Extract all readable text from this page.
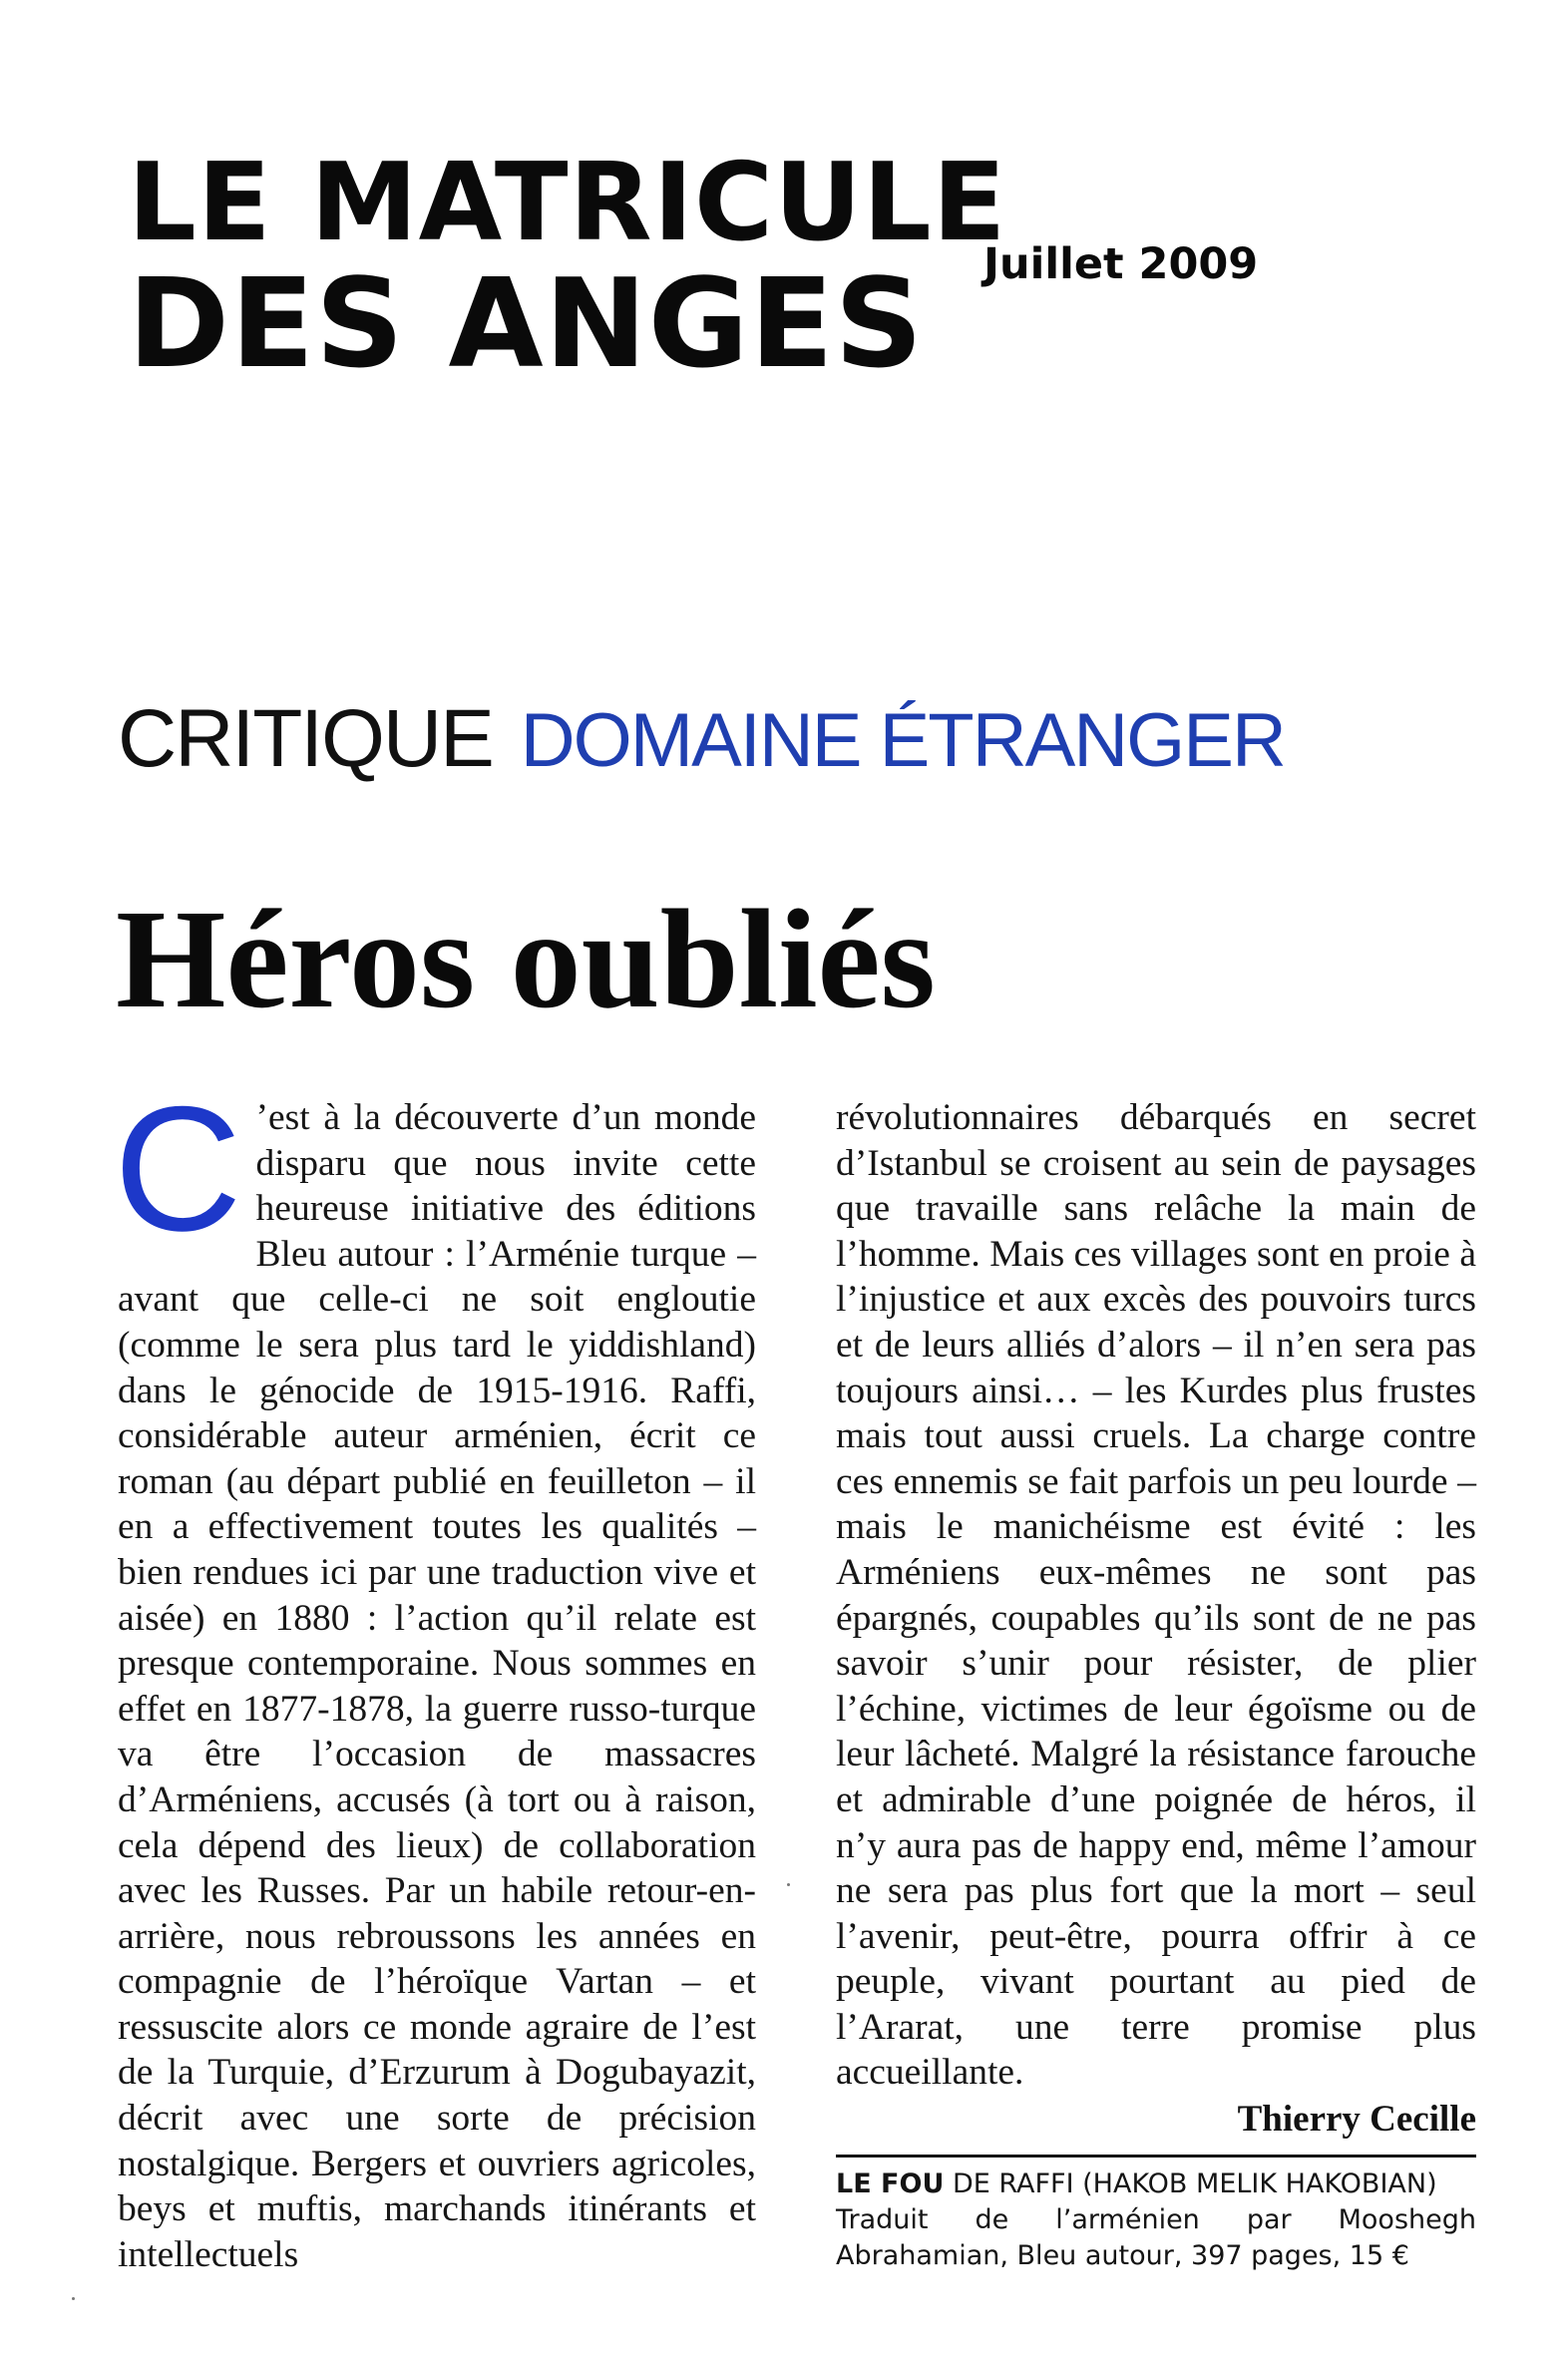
LE MATRICULE
DES ANGES	Juillet 2009
CRITIQUE DOMAINE ÉTRANGER
Héros oubliés
C ’est à la découverte d’un monde disparu que nous invite cette heureuse initiative des éditions Bleu autour : l’Arménie turque – avant que celle-ci ne soit engloutie (comme le sera plus tard le yiddishland) dans le génocide de 1915-1916. Raffi, considérable auteur arménien, écrit ce roman (au départ publié en feuilleton – il en a effectivement toutes les qualités – bien rendues ici par une traduction vive et aisée) en 1880 : l’action qu’il relate est presque contemporaine. Nous sommes en effet en 1877-1878, la guerre russo-turque va être l’occasion de massacres d’Arméniens, accusés (à tort ou à raison, cela dépend des lieux) de collaboration avec les Russes. Par un habile retour-en-arrière, nous rebroussons les années en compagnie de l’héroïque Vartan – et ressuscite alors ce monde agraire de l’est de la Turquie, d’Erzurum à Dogubayazit, décrit avec une sorte de précision nostalgique. Bergers et ouvriers agricoles, beys et muftis, marchands itinérants et intellectuels

révolutionnaires débarqués en secret d’Istanbul se croisent au sein de paysages que travaille sans relâche la main de l’homme. Mais ces villages sont en proie à l’injustice et aux excès des pouvoirs turcs et de leurs alliés d’alors – il n’en sera pas toujours ainsi… – les Kurdes plus frustes mais tout aussi cruels. La charge contre ces ennemis se fait parfois un peu lourde – mais le manichéisme est évité : les Arméniens eux-mêmes ne sont pas épargnés, coupables qu’ils sont de ne pas savoir s’unir pour résister, de plier l’échine, victimes de leur égoïsme ou de leur lâcheté. Malgré la résistance farouche et admirable d’une poignée de héros, il n’y aura pas de happy end, même l’amour ne sera pas plus fort que la mort – seul l’avenir, peut-être, pourra offrir à ce peuple, vivant pourtant au pied de l’Ararat, une terre promise plus accueillante.

Thierry Cecille
LE FOU DE RAFFI (HAKOB MELIK HAKOBIAN)
Traduit de l’arménien par Mooshegh Abrahamian, Bleu autour, 397 pages, 15 €
